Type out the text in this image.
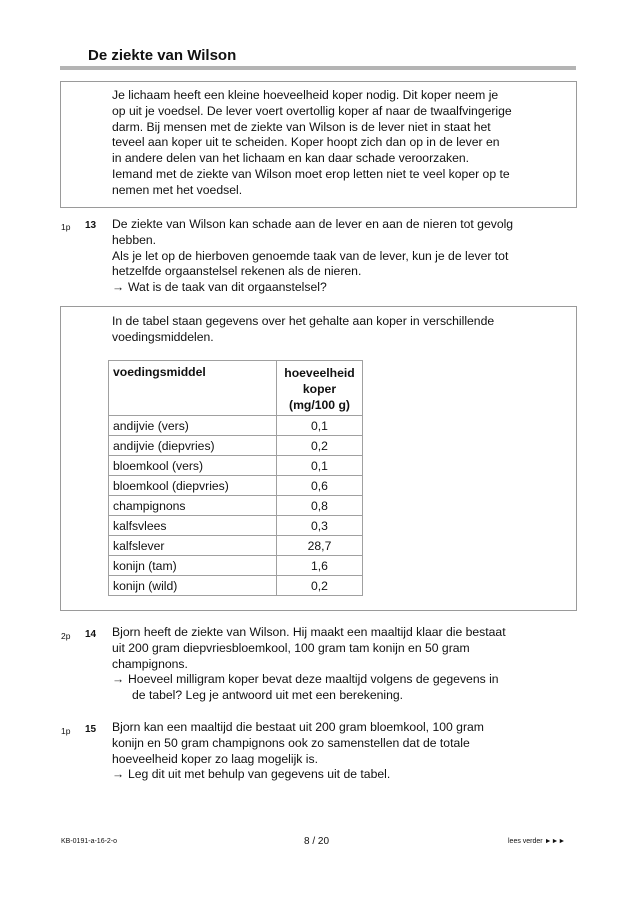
De ziekte van Wilson
Je lichaam heeft een kleine hoeveelheid koper nodig. Dit koper neem je
op uit je voedsel. De lever voert overtollig koper af naar de twaalfvingerige
darm. Bij mensen met de ziekte van Wilson is de lever niet in staat het
teveel aan koper uit te scheiden. Koper hoopt zich dan op in de lever en
in andere delen van het lichaam en kan daar schade veroorzaken.
Iemand met de ziekte van Wilson moet erop letten niet te veel koper op te
nemen met het voedsel.
1p 13 De ziekte van Wilson kan schade aan de lever en aan de nieren tot gevolg
hebben.
Als je let op de hierboven genoemde taak van de lever, kun je de lever tot
hetzelfde orgaanstelsel rekenen als de nieren.
→ Wat is de taak van dit orgaanstelsel?
In de tabel staan gegevens over het gehalte aan koper in verschillende
voedingsmiddelen.
voedingsmiddel	hoeveelheid
koper
(mg/100 g)

andijvie (vers)	0,1
andijvie (diepvries)	0,2
bloemkool (vers)	0,1
bloemkool (diepvries)	0,6
champignons	0,8
kalfsvlees	0,3
kalfslever	28,7
konijn (tam)	1,6
konijn (wild)	0,2
2p 14 Bjorn heeft de ziekte van Wilson. Hij maakt een maaltijd klaar die bestaat
uit 200 gram diepvriesbloemkool, 100 gram tam konijn en 50 gram
champignons.
→ Hoeveel milligram koper bevat deze maaltijd volgens de gegevens in
de tabel? Leg je antwoord uit met een berekening.
1p 15 Bjorn kan een maaltijd die bestaat uit 200 gram bloemkool, 100 gram
konijn en 50 gram champignons ook zo samenstellen dat de totale
hoeveelheid koper zo laag mogelijk is.
→ Leg dit uit met behulp van gegevens uit de tabel.
KB-0191-a-16-2-o	8 / 20	lees verder ►►►
